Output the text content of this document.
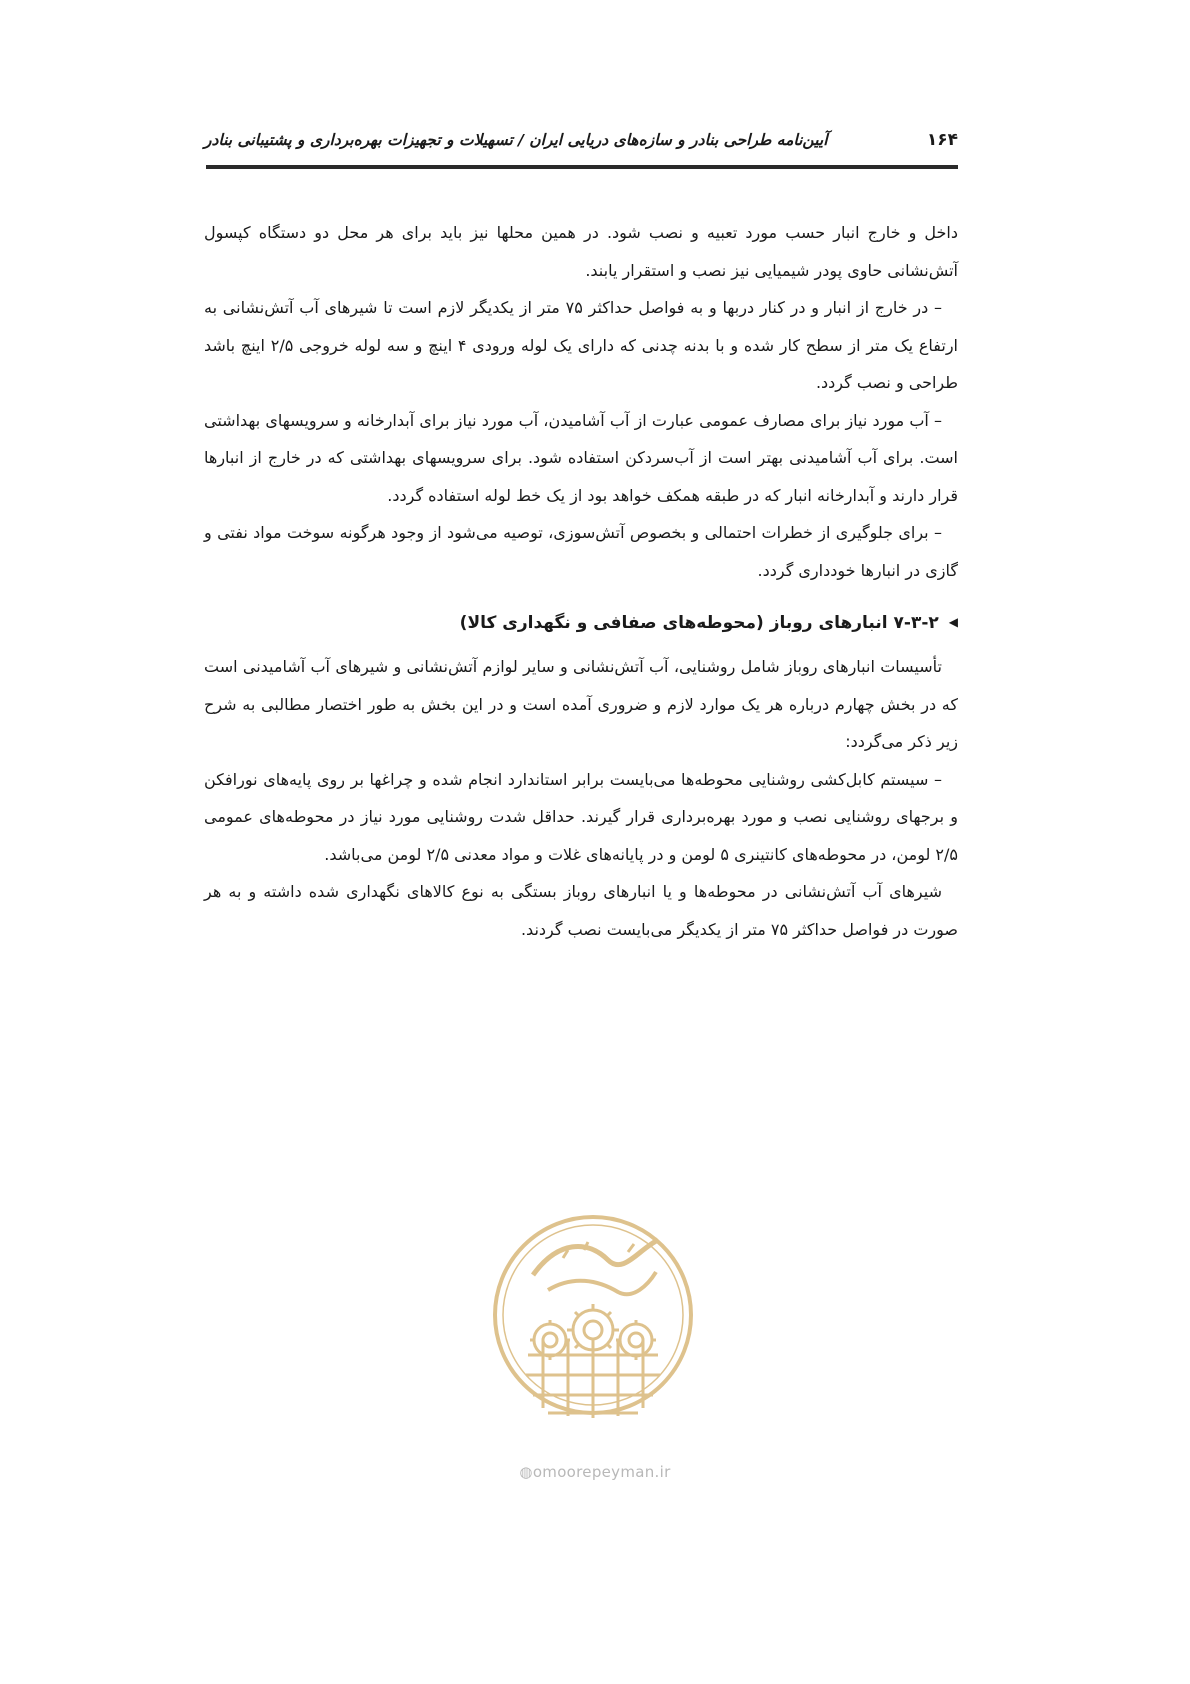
۱۶۴
آیین‌نامه طراحی بنادر و سازه‌های دریایی ایران / تسهیلات و تجهیزات بهره‌برداری و پشتیبانی بنادر

داخل و خارج انبار حسب مورد تعبیه و نصب شود. در همین محلها نیز باید برای هر محل دو دستگاه کپسول آتش‌نشانی حاوی پودر شیمیایی نیز نصب و استقرار یابند.

– در خارج از انبار و در کنار دربها و به فواصل حداکثر ۷۵ متر از یکدیگر لازم است تا شیرهای آب آتش‌نشانی به ارتفاع یک متر از سطح کار شده و با بدنه چدنی که دارای یک لوله ورودی ۴ اینچ و سه لوله خروجی ۲/۵ اینچ باشد طراحی و نصب گردد.

– آب مورد نیاز برای مصارف عمومی عبارت از آب آشامیدن، آب مورد نیاز برای آبدارخانه و سرویسهای بهداشتی است. برای آب آشامیدنی بهتر است از آب‌سردکن استفاده شود. برای سرویسهای بهداشتی که در خارج از انبارها قرار دارند و آبدارخانه انبار که در طبقه همکف خواهد بود از یک خط لوله استفاده گردد.

– برای جلوگیری از خطرات احتمالی و بخصوص آتش‌سوزی، توصیه می‌شود از وجود هرگونه سوخت مواد نفتی و گازی در انبارها خودداری گردد.

◀۷-۳-۲ انبارهای روباز (محوطه‌های صفافی و نگهداری کالا)

تأسیسات انبارهای روباز شامل روشنایی، آب آتش‌نشانی و سایر لوازم آتش‌نشانی و شیرهای آب آشامیدنی است که در بخش چهارم درباره هر یک موارد لازم و ضروری آمده است و در این بخش به طور اختصار مطالبی به شرح زیر ذکر می‌گردد:

– سیستم کابل‌کشی روشنایی محوطه‌ها می‌بایست برابر استاندارد انجام شده و چراغها بر روی پایه‌های نورافکن و برجهای روشنایی نصب و مورد بهره‌برداری قرار گیرند. حداقل شدت روشنایی مورد نیاز در محوطه‌های عمومی ۲/۵ لومن، در محوطه‌های کانتینری ۵ لومن و در پایانه‌های غلات و مواد معدنی ۲/۵ لومن می‌باشد.

شیرهای آب آتش‌نشانی در محوطه‌ها و یا انبارهای روباز بستگی به نوع کالاهای نگهداری شده داشته و به هر صورت در فواصل حداکثر ۷۵ متر از یکدیگر می‌بایست نصب گردند.

◍omoorepeyman.ir
